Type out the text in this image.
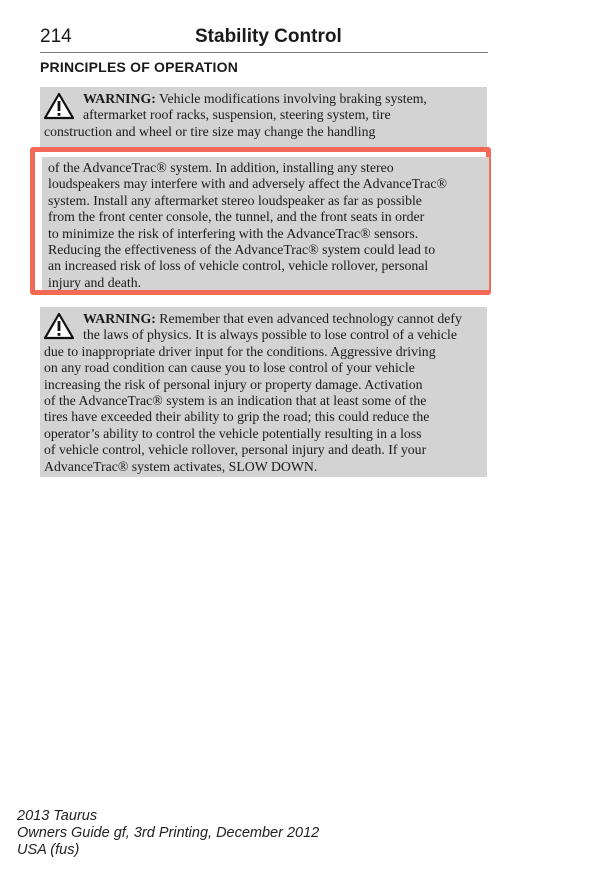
214	Stability Control
PRINCIPLES OF OPERATION
WARNING: Vehicle modifications involving braking system,
aftermarket roof racks, suspension, steering system, tire
construction and wheel or tire size may change the handling
of the AdvanceTrac® system. In addition, installing any stereo
loudspeakers may interfere with and adversely affect the AdvanceTrac®
system. Install any aftermarket stereo loudspeaker as far as possible
from the front center console, the tunnel, and the front seats in order
to minimize the risk of interfering with the AdvanceTrac® sensors.
Reducing the effectiveness of the AdvanceTrac® system could lead to
an increased risk of loss of vehicle control, vehicle rollover, personal
injury and death.
WARNING: Remember that even advanced technology cannot defy
the laws of physics. It is always possible to lose control of a vehicle
due to inappropriate driver input for the conditions. Aggressive driving
on any road condition can cause you to lose control of your vehicle
increasing the risk of personal injury or property damage. Activation
of the AdvanceTrac® system is an indication that at least some of the
tires have exceeded their ability to grip the road; this could reduce the
operator’s ability to control the vehicle potentially resulting in a loss
of vehicle control, vehicle rollover, personal injury and death. If your
AdvanceTrac® system activates, SLOW DOWN.
2013 Taurus
Owners Guide gf, 3rd Printing, December 2012
USA (fus)
